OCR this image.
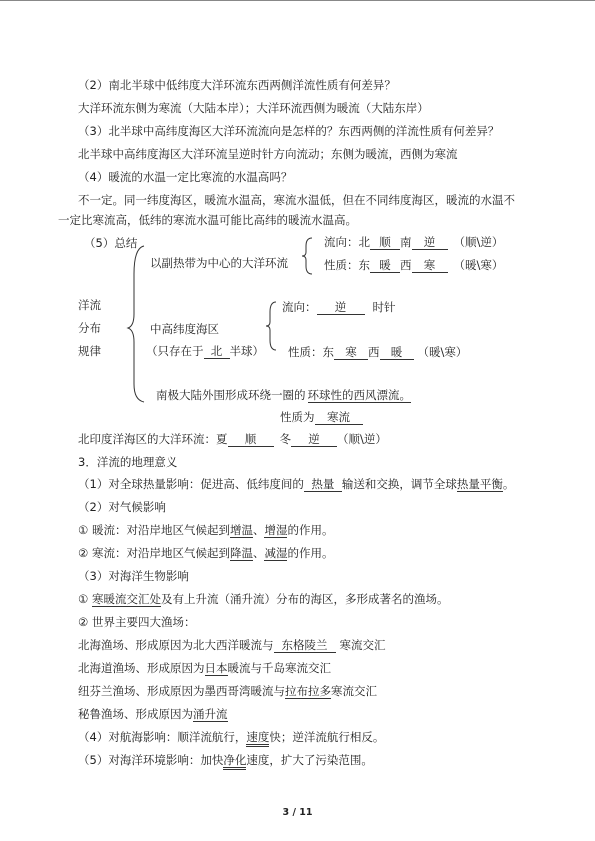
（2）南北半球中低纬度大洋环流东西两侧洋流性质有何差异？
大洋环流东侧为寒流（大陆本岸）；大洋环流西侧为暖流（大陆东岸）
（3）北半球中高纬度海区大洋环流流向是怎样的？东西两侧的洋流性质有何差异？
北半球中高纬度海区大洋环流呈逆时针方向流动；东侧为暖流，西侧为寒流
（4）暖流的水温一定比寒流的水温高吗？
不一定。同一纬度海区，暖流水温高，寒流水温低，但在不同纬度海区，暖流的水温不
一定比寒流高，低纬的寒流水温可能比高纬的暖流水温高。
（5）总结
洋流
分布
规律
以副热带为中心的大洋环流
流向：北 顺 南 逆 （顺\逆）
性质：东 暖 西 寒 （暖\寒）
中高纬度海区
（只存在于 北 半球）
流向： 逆 时针
性质：东 寒 西 暖 （暖\寒）
南极大陆外围形成环绕一圈的 环球性的西风漂流。
性质为 寒流
北印度洋海区的大洋环流：夏 顺 冬 逆 （顺\逆）
3．洋流的地理意义
（1）对全球热量影响：促进高、低纬度间的 热量 输送和交换，调节全球热量平衡。
（2）对气候影响
① 暖流：对沿岸地区气候起到增温、增湿的作用。
② 寒流：对沿岸地区气候起到降温、减湿的作用。
（3）对海洋生物影响
① 寒暖流交汇处及有上升流（涌升流）分布的海区，多形成著名的渔场。
② 世界主要四大渔场：
北海渔场、形成原因为北大西洋暖流与 东格陵兰 寒流交汇
北海道渔场、形成原因为日本暖流与千岛寒流交汇
纽芬兰渔场、形成原因为墨西哥湾暖流与拉布拉多寒流交汇
秘鲁渔场、形成原因为涌升流
（4）对航海影响：顺洋流航行，速度快；逆洋流航行相反。
（5）对海洋环境影响：加快净化速度，扩大了污染范围。
3 / 11
